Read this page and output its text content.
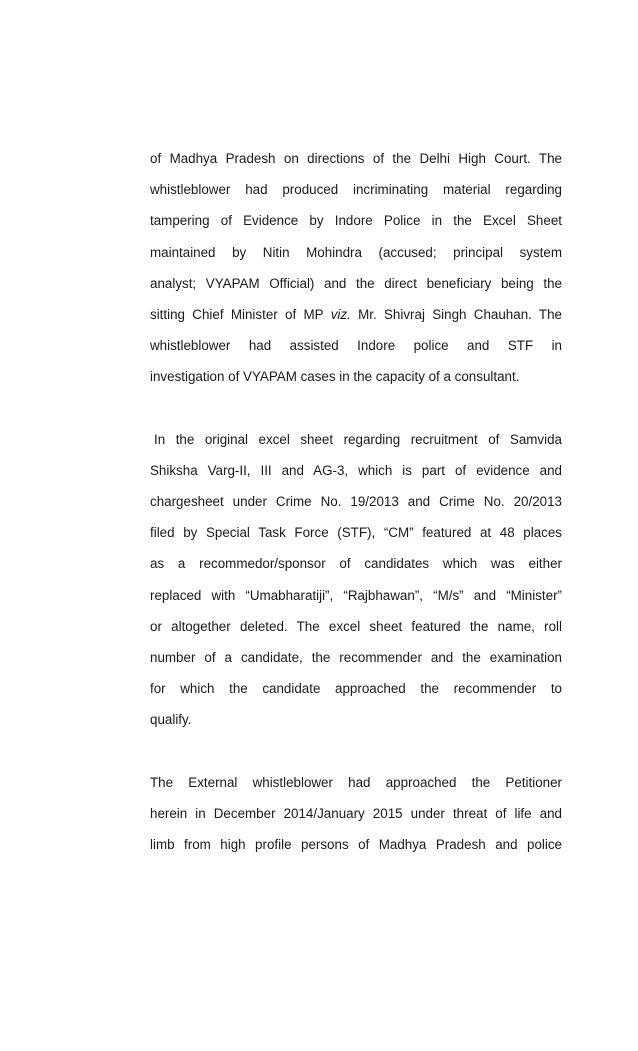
of Madhya Pradesh on directions of the Delhi High Court. The
whistleblower had produced incriminating material regarding
tampering of Evidence by Indore Police in the Excel Sheet
maintained by Nitin Mohindra (accused; principal system
analyst; VYAPAM Official) and the direct beneficiary being the
sitting Chief Minister of MP viz. Mr. Shivraj Singh Chauhan. The
whistleblower had assisted Indore police and STF in
investigation of VYAPAM cases in the capacity of a consultant.
In the original excel sheet regarding recruitment of Samvida
Shiksha Varg-II, III and AG-3, which is part of evidence and
chargesheet under Crime No. 19/2013 and Crime No. 20/2013
filed by Special Task Force (STF), “CM” featured at 48 places
as a recommedor/sponsor of candidates which was either
replaced with “Umabharatiji”, “Rajbhawan”, “M/s” and “Minister”
or altogether deleted. The excel sheet featured the name, roll
number of a candidate, the recommender and the examination
for which the candidate approached the recommender to
qualify.
The External whistleblower had approached the Petitioner
herein in December 2014/January 2015 under threat of life and
limb from high profile persons of Madhya Pradesh and police
